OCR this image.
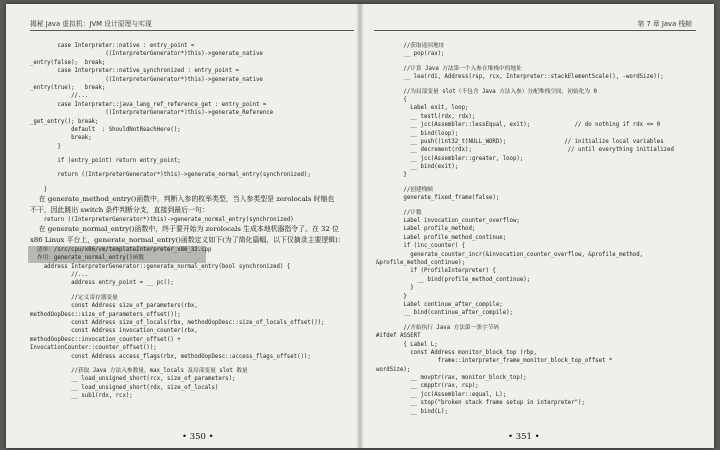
揭秘 Java 虚拟机：JVM 设计原理与实现
case Interpreter::native : entry_point =
((InterpreterGenerator*)this)->generate_native
_entry(false);  break;
case Interpreter::native_synchronized : entry_point =
((InterpreterGenerator*)this)->generate_native
_entry(true);   break;
//...
case Interpreter::java_lang_ref_reference_get : entry_point =
((InterpreterGenerator*)this)->generate_Reference
_get_entry(); break;
default  : ShouldNotReachHere();
break;
}
if (entry_point) return entry_point;
return ((InterpreterGenerator*)this)->generate_normal_entry(synchronized);
}
在 generate_method_entry()函数中，判断入参的枚举类型，当入参类型是 zerolocals 时缩也
不干，因此跳出 switch 条件判断分支，直接到最后一句：
return ((InterpreterGenerator*)this)->generate_normal_entry(synchronized)
在 generate_normal_entry()函数中，终于要开始为 zerolocals 生成本地机器指令了。在 32 位
x86 Linux 平台上，generate_normal_entry()函数定义如下(为了简化篇幅，以下仅摘录主要逻辑)：
清单：/src/cpu/x86/vm/templateInterpreter_x86_32.cpp
作用：generate_normal_entry()函数
address InterpreterGenerator::generate_normal_entry(bool synchronized) {
//...
address entry_point = __ pc();
//定义寄存器变量
const Address size_of_parameters(rbx,
methodOopDesc::size_of_parameters_offset());
const Address size_of_locals(rbx, methodOopDesc::size_of_locals_offset());
const Address invocation_counter(rbx,
methodOopDesc::invocation_counter_offset() +
InvocationCounter::counter_offset());
const Address access_flags(rbx, methodOopDesc::access_flags_offset());
//获取 Java 方法入参数量，max_locals 及局部变量 slot 数量
__ load_unsigned_short(rcx, size_of_parameters);
__ load_unsigned_short(rdx, size_of_locals)
__ sub1(rdx, rcx);
• 350 •
第 7 章 Java 栈帧
//获取返回地址
__ pop(rax);
//计算 Java 方法第一个入参在堆栈中的地址
__ lea(rdi, Address(rsp, rcx, Interpreter::stackElementScale(), -wordSize));
//为局部变量 slot（不包含 Java 方法入参）分配堆栈空间，初始化为 0
{
Label exit, loop;
__ testl(rdx, rdx);
__ jcc(Assembler::lessEqual, exit);             // do nothing if rdx <= 0
__ bind(loop);
__ push((int32_t)NULL_WORD);                 // initialize local variables
__ decrement(rdx);                            // until everything initialized
__ jcc(Assembler::greater, loop);
__ bind(exit);
}
//创建栈帧
generate_fixed_frame(false);
//计数
Label invocation_counter_overflow;
Label profile_method;
Label profile_method_continue;
if (inc_counter) {
generate_counter_incr(&invocation_counter_overflow, &profile_method,
&profile_method_continue);
if (ProfileInterpreter) {
__ bind(profile_method_continue);
}
}
Label continue_after_compile;
__ bind(continue_after_compile);
//开始执行 Java 方法第一条字节码
#ifdef ASSERT
{ Label L;
const Address monitor_block_top (rbp,
frame::interpreter_frame_monitor_block_top_offset *
wordSize);
__ movptr(rax, monitor_block_top);
__ cmpptr(rax, rsp);
__ jcc(Assembler::equal, L);
__ stop("broken stack frame setup in interpreter");
__ bind(L);
• 351 •
